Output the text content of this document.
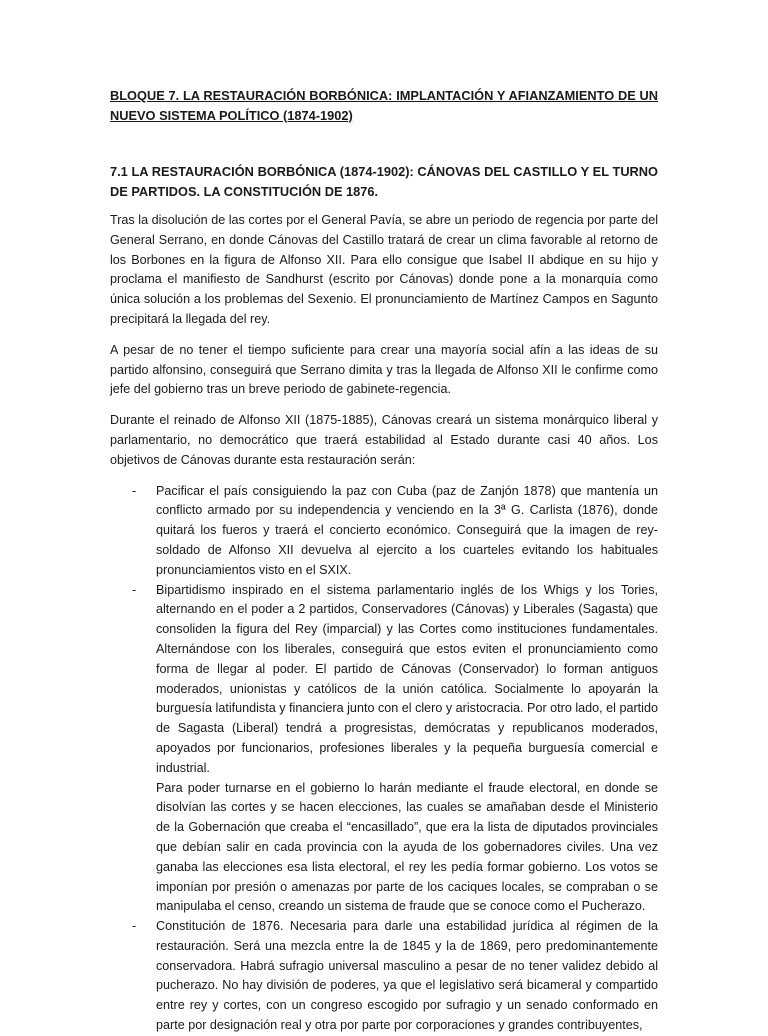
BLOQUE 7. LA RESTAURACIÓN BORBÓNICA: IMPLANTACIÓN Y AFIANZAMIENTO DE UN NUEVO SISTEMA POLÍTICO (1874-1902)
7.1 LA RESTAURACIÓN BORBÓNICA (1874-1902): CÁNOVAS DEL CASTILLO Y EL TURNO DE PARTIDOS. LA CONSTITUCIÓN DE 1876.

Tras la disolución de las cortes por el General Pavía, se abre un periodo de regencia por parte del General Serrano, en donde Cánovas del Castillo tratará de crear un clima favorable al retorno de los Borbones en la figura de Alfonso XII. Para ello consigue que Isabel II abdique en su hijo y proclama el manifiesto de Sandhurst (escrito por Cánovas) donde pone a la monarquía como única solución a los problemas del Sexenio. El pronunciamiento de Martínez Campos en Sagunto precipitará la llegada del rey.

A pesar de no tener el tiempo suficiente para crear una mayoría social afín a las ideas de su partido alfonsino, conseguirá que Serrano dimita y tras la llegada de Alfonso XII le confirme como jefe del gobierno tras un breve periodo de gabinete-regencia.

Durante el reinado de Alfonso XII (1875-1885), Cánovas creará un sistema monárquico liberal y parlamentario, no democrático que traerá estabilidad al Estado durante casi 40 años. Los objetivos de Cánovas durante esta restauración serán:

- Pacificar el país consiguiendo la paz con Cuba (paz de Zanjón 1878) que mantenía un conflicto armado por su independencia y venciendo en la 3ª G. Carlista (1876), donde quitará los fueros y traerá el concierto económico. Conseguirá que la imagen de rey-soldado de Alfonso XII devuelva al ejercito a los cuarteles evitando los habituales pronunciamientos visto en el SXIX.
- Bipartidismo inspirado en el sistema parlamentario inglés de los Whigs y los Tories, alternando en el poder a 2 partidos, Conservadores (Cánovas) y Liberales (Sagasta) que consoliden la figura del Rey (imparcial) y las Cortes como instituciones fundamentales. Alternándose con los liberales, conseguirá que estos eviten el pronunciamiento como forma de llegar al poder. El partido de Cánovas (Conservador) lo forman antiguos moderados, unionistas y católicos de la unión católica. Socialmente lo apoyarán la burguesía latifundista y financiera junto con el clero y aristocracia. Por otro lado, el partido de Sagasta (Liberal) tendrá a progresistas, demócratas y republicanos moderados, apoyados por funcionarios, profesiones liberales y la pequeña burguesía comercial e industrial.
Para poder turnarse en el gobierno lo harán mediante el fraude electoral, en donde se disolvían las cortes y se hacen elecciones, las cuales se amañaban desde el Ministerio de la Gobernación que creaba el “encasillado”, que era la lista de diputados provinciales que debían salir en cada provincia con la ayuda de los gobernadores civiles. Una vez ganaba las elecciones esa lista electoral, el rey les pedía formar gobierno. Los votos se imponían por presión o amenazas por parte de los caciques locales, se compraban o se manipulaba el censo, creando un sistema de fraude que se conoce como el Pucherazo.
- Constitución de 1876. Necesaria para darle una estabilidad jurídica al régimen de la restauración. Será una mezcla entre la de 1845 y la de 1869, pero predominantemente conservadora. Habrá sufragio universal masculino a pesar de no tener validez debido al pucherazo. No hay división de poderes, ya que el legislativo será bicameral y compartido entre rey y cortes, con un congreso escogido por sufragio y un senado conformado en parte por designación real y otra por parte por corporaciones y grandes contribuyentes,
